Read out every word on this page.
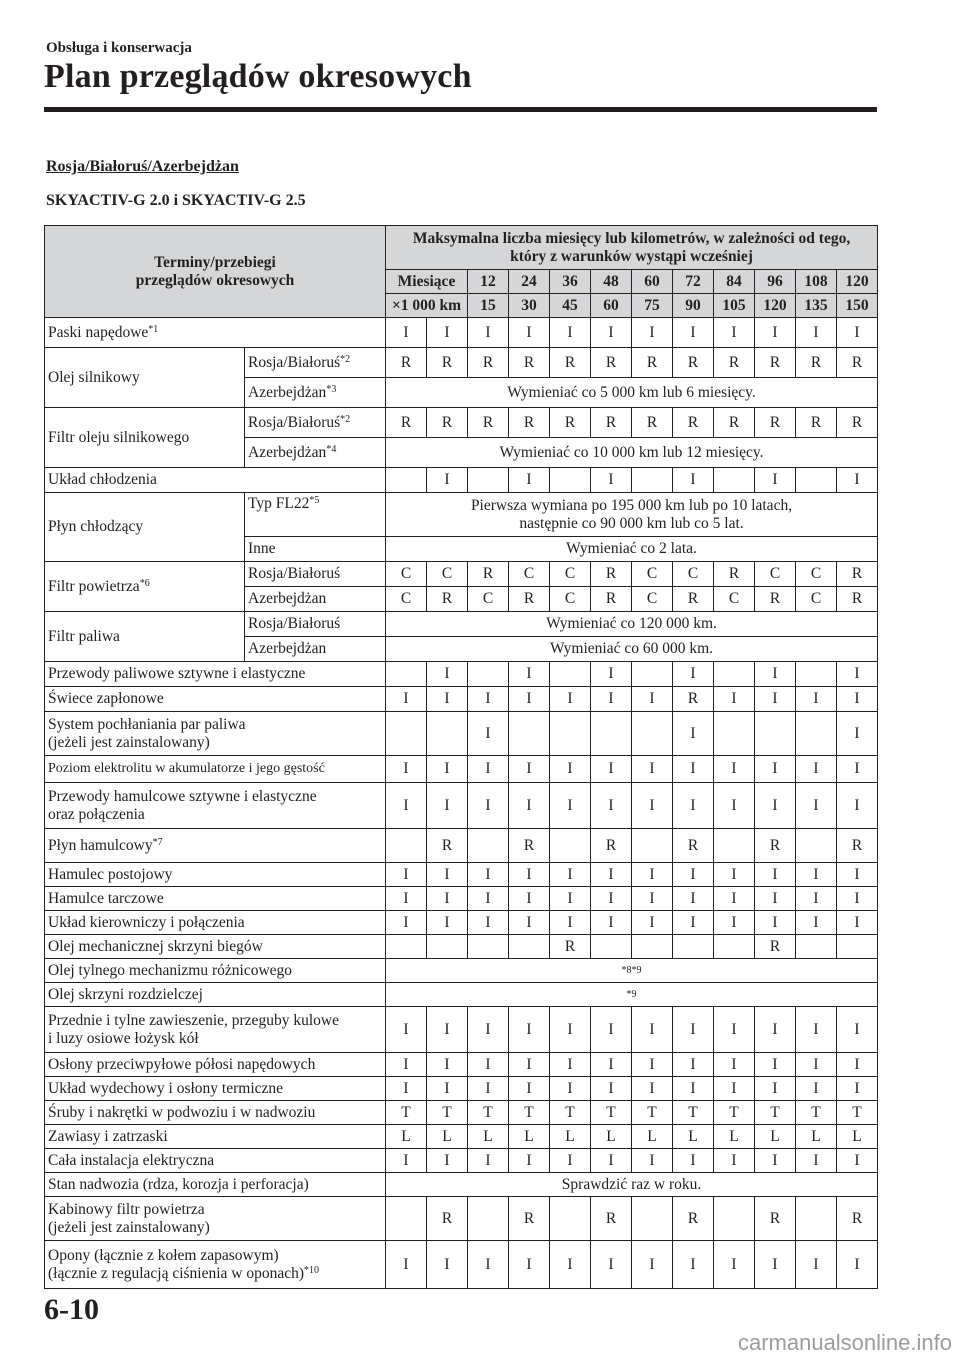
Obsługa i konserwacja
Plan przeglądów okresowych
Rosja/Białoruś/Azerbejdżan
SKYACTIV-G 2.0 i SKYACTIV-G 2.5
Terminy/przebiegi
przeglądów okresowych		Maksymalna liczba miesięcy lub kilometrów, w zależności od tego,
który z warunków wystąpi wcześniej												
		Miesiące		12	24	36	48	60	72	84	96	108	120		
		×1 000 km		15	30	45	60	75	90	105	120	135	150		
Paski napędowe$^{*1}$		I	I	I	I	I	I	I	I	I	I	I	I	
Olej silnikowy	Rosja/Białoruś$^{*2}$	R	R	R	R	R	R	R	R	R	R	R	R	
	Azerbejdżan$^{*3}$	Wymieniać co 5 000 km lub 6 miesięcy.												
Filtr oleju silnikowego	Rosja/Białoruś$^{*2}$	R	R	R	R	R	R	R	R	R	R	R	R	
	Azerbejdżan$^{*4}$	Wymieniać co 10 000 km lub 12 miesięcy.												
Układ chłodzenia			I		I		I		I		I		I	
Płyn chłodzący	Typ FL22$^{*5}$	Pierwsza wymiana po 195 000 km lub po 10 latach,
następnie co 90 000 km lub co 5 lat.												
	Inne	Wymieniać co 2 lata.												
Filtr powietrza$^{*6}$	Rosja/Białoruś	C	C	R	C	C	R	C	C	R	C	C	R	
	Azerbejdżan	C	R	C	R	C	R	C	R	C	R	C	R	
Filtr paliwa	Rosja/Białoruś	Wymieniać co 120 000 km.												
	Azerbejdżan	Wymieniać co 60 000 km.												
Przewody paliwowe sztywne i elastyczne			I		I		I		I		I		I	
Świece zapłonowe		I	I	I	I	I	I	I	R	I	I	I	I	
System pochłaniania par paliwa
(jeżeli jest zainstalowany)				I					I				I	
Poziom elektrolitu w akumulatorze i jego gęstość		I	I	I	I	I	I	I	I	I	I	I	I	
Przewody hamulcowe sztywne i elastyczne
oraz połączenia		I	I	I	I	I	I	I	I	I	I	I	I	
Płyn hamulcowy$^{*7}$			R		R		R		R		R		R	
Hamulec postojowy		I	I	I	I	I	I	I	I	I	I	I	I	
Hamulce tarczowe		I	I	I	I	I	I	I	I	I	I	I	I	
Układ kierowniczy i połączenia		I	I	I	I	I	I	I	I	I	I	I	I	
Olej mechanicznej skrzyni biegów						R					R			
Olej tylnego mechanizmu różnicowego		*8*9												
Olej skrzyni rozdzielczej		*9												
Przednie i tylne zawieszenie, przeguby kulowe
i luzy osiowe łożysk kół		I	I	I	I	I	I	I	I	I	I	I	I	
Osłony przeciwpyłowe półosi napędowych		I	I	I	I	I	I	I	I	I	I	I	I	
Układ wydechowy i osłony termiczne		I	I	I	I	I	I	I	I	I	I	I	I	
Śruby i nakrętki w podwoziu i w nadwoziu		T	T	T	T	T	T	T	T	T	T	T	T	
Zawiasy i zatrzaski		L	L	L	L	L	L	L	L	L	L	L	L	
Cała instalacja elektryczna		I	I	I	I	I	I	I	I	I	I	I	I	
Stan nadwozia (rdza, korozja i perforacja)		Sprawdzić raz w roku.												
Kabinowy filtr powietrza
(jeżeli jest zainstalowany)			R		R		R		R		R		R	
Opony (łącznie z kołem zapasowym)
(łącznie z regulacją ciśnienia w oponach)$^{*10}$		I	I	I	I	I	I	I	I	I	I	I	I	
6-10
carmanualsonline.info
